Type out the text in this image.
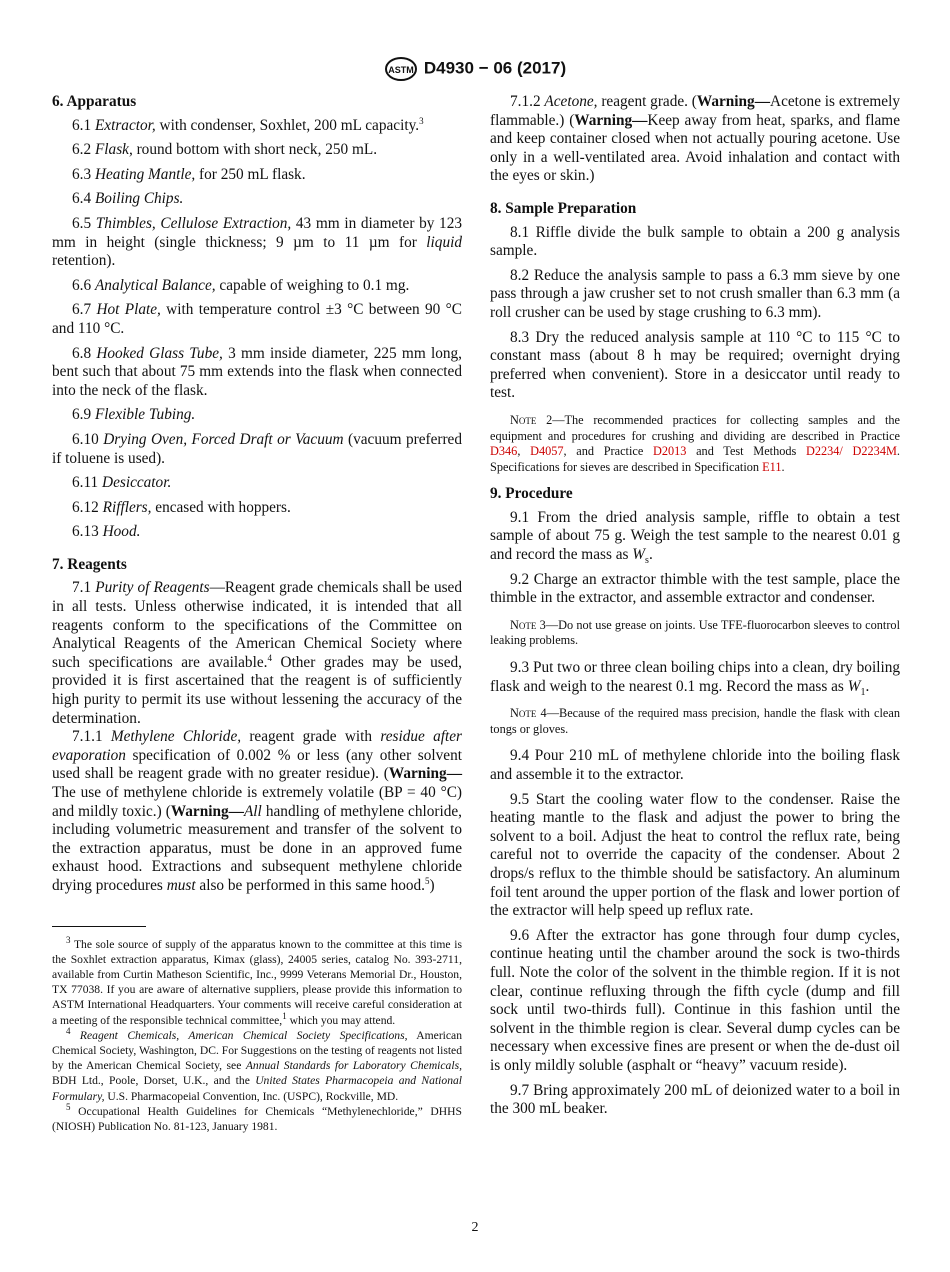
ASTM D4930 − 06 (2017)
6. Apparatus

6.1 Extractor, with condenser, Soxhlet, 200 mL capacity.$^3$

6.2 Flask, round bottom with short neck, 250 mL.

6.3 Heating Mantle, for 250 mL flask.

6.4 Boiling Chips.

6.5 Thimbles, Cellulose Extraction, 43 mm in diameter by 123 mm in height (single thickness; 9 µm to 11 µm for liquid retention).

6.6 Analytical Balance, capable of weighing to 0.1 mg.

6.7 Hot Plate, with temperature control ±3 °C between 90 °C and 110 °C.

6.8 Hooked Glass Tube, 3 mm inside diameter, 225 mm long, bent such that about 75 mm extends into the flask when connected into the neck of the flask.

6.9 Flexible Tubing.

6.10 Drying Oven, Forced Draft or Vacuum (vacuum preferred if toluene is used).

6.11 Desiccator.

6.12 Rifflers, encased with hoppers.

6.13 Hood.

7. Reagents

7.1 Purity of Reagents—Reagent grade chemicals shall be used in all tests. Unless otherwise indicated, it is intended that all reagents conform to the specifications of the Committee on Analytical Reagents of the American Chemical Society where such specifications are available.$^4$ Other grades may be used, provided it is first ascertained that the reagent is of sufficiently high purity to permit its use without lessening the accuracy of the determination.

7.1.1 Methylene Chloride, reagent grade with residue after evaporation specification of 0.002 % or less (any other solvent used shall be reagent grade with no greater residue). (Warning—The use of methylene chloride is extremely volatile (BP = 40 °C) and mildly toxic.) (Warning—All handling of methylene chloride, including volumetric measurement and transfer of the solvent to the extraction apparatus, must be done in an approved fume exhaust hood. Extractions and subsequent methylene chloride drying procedures must also be performed in this same hood.$^5$)

$^3$ The sole source of supply of the apparatus known to the committee at this time is the Soxhlet extraction apparatus, Kimax (glass), 24005 series, catalog No. 393-2711, available from Curtin Matheson Scientific, Inc., 9999 Veterans Memorial Dr., Houston, TX 77038. If you are aware of alternative suppliers, please provide this information to ASTM International Headquarters. Your comments will receive careful consideration at a meeting of the responsible technical committee,$^1$ which you may attend.

$^4$ Reagent Chemicals, American Chemical Society Specifications, American Chemical Society, Washington, DC. For Suggestions on the testing of reagents not listed by the American Chemical Society, see Annual Standards for Laboratory Chemicals, BDH Ltd., Poole, Dorset, U.K., and the United States Pharmacopeia and National Formulary, U.S. Pharmacopeial Convention, Inc. (USPC), Rockville, MD.

$^5$ Occupational Health Guidelines for Chemicals “Methylenechloride,” DHHS (NIOSH) Publication No. 81-123, January 1981.

7.1.2 Acetone, reagent grade. (Warning—Acetone is extremely flammable.) (Warning—Keep away from heat, sparks, and flame and keep container closed when not actually pouring acetone. Use only in a well-ventilated area. Avoid inhalation and contact with the eyes or skin.)

8. Sample Preparation

8.1 Riffle divide the bulk sample to obtain a 200 g analysis sample.

8.2 Reduce the analysis sample to pass a 6.3 mm sieve by one pass through a jaw crusher set to not crush smaller than 6.3 mm (a roll crusher can be used by stage crushing to 6.3 mm).

8.3 Dry the reduced analysis sample at 110 °C to 115 °C to constant mass (about 8 h may be required; overnight drying preferred when convenient). Store in a desiccator until ready to test.

Note 2—The recommended practices for collecting samples and the equipment and procedures for crushing and dividing are described in Practice D346, D4057, and Practice D2013 and Test Methods D2234/ D2234M. Specifications for sieves are described in Specification E11.

9. Procedure

9.1 From the dried analysis sample, riffle to obtain a test sample of about 75 g. Weigh the test sample to the nearest 0.01 g and record the mass as $W_s$.

9.2 Charge an extractor thimble with the test sample, place the thimble in the extractor, and assemble extractor and condenser.

Note 3—Do not use grease on joints. Use TFE-fluorocarbon sleeves to control leaking problems.

9.3 Put two or three clean boiling chips into a clean, dry boiling flask and weigh to the nearest 0.1 mg. Record the mass as $W_1$.

Note 4—Because of the required mass precision, handle the flask with clean tongs or gloves.

9.4 Pour 210 mL of methylene chloride into the boiling flask and assemble it to the extractor.

9.5 Start the cooling water flow to the condenser. Raise the heating mantle to the flask and adjust the power to bring the solvent to a boil. Adjust the heat to control the reflux rate, being careful not to override the capacity of the condenser. About 2 drops/s reflux to the thimble should be satisfactory. An aluminum foil tent around the upper portion of the flask and lower portion of the extractor will help speed up reflux rate.

9.6 After the extractor has gone through four dump cycles, continue heating until the chamber around the sock is two-thirds full. Note the color of the solvent in the thimble region. If it is not clear, continue refluxing through the fifth cycle (dump and fill sock until two-thirds full). Continue in this fashion until the solvent in the thimble region is clear. Several dump cycles can be necessary when excessive fines are present or when the de-dust oil is only mildly soluble (asphalt or “heavy” vacuum reside).

9.7 Bring approximately 200 mL of deionized water to a boil in the 300 mL beaker.

2
